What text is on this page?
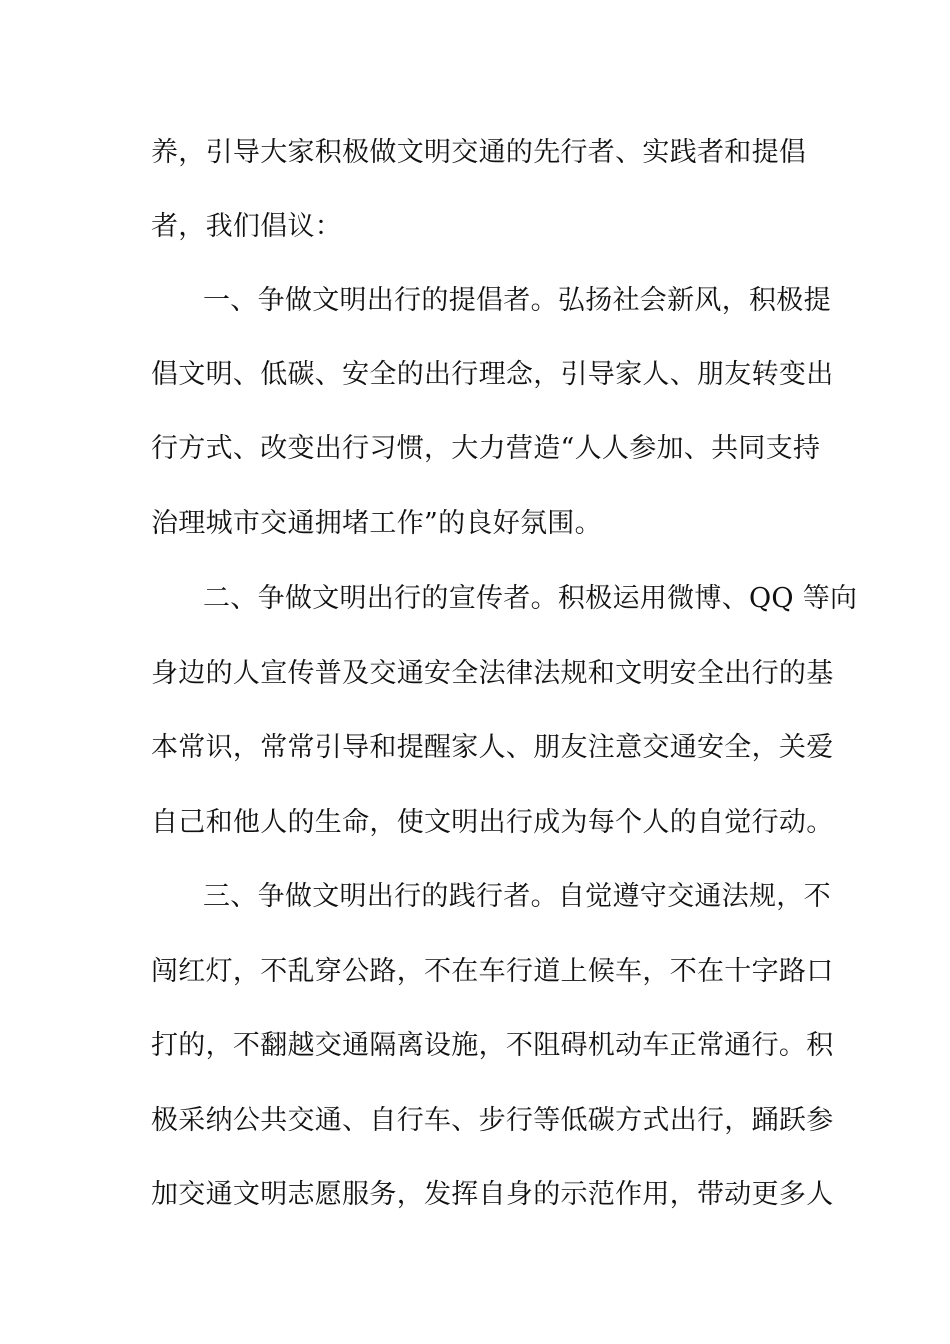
养，引导大家积极做文明交通的先行者、实践者和提倡
者，我们倡议：
一、争做文明出行的提倡者。弘扬社会新风，积极提
倡文明、低碳、安全的出行理念，引导家人、朋友转变出
行方式、改变出行习惯，大力营造“人人参加、共同支持
治理城市交通拥堵工作”的良好氛围。
二、争做文明出行的宣传者。积极运用微博、QQ 等向
身边的人宣传普及交通安全法律法规和文明安全出行的基
本常识，常常引导和提醒家人、朋友注意交通安全，关爱
自己和他人的生命，使文明出行成为每个人的自觉行动。
三、争做文明出行的践行者。自觉遵守交通法规，不
闯红灯，不乱穿公路，不在车行道上候车，不在十字路口
打的，不翻越交通隔离设施，不阻碍机动车正常通行。积
极采纳公共交通、自行车、步行等低碳方式出行，踊跃参
加交通文明志愿服务，发挥自身的示范作用，带动更多人
